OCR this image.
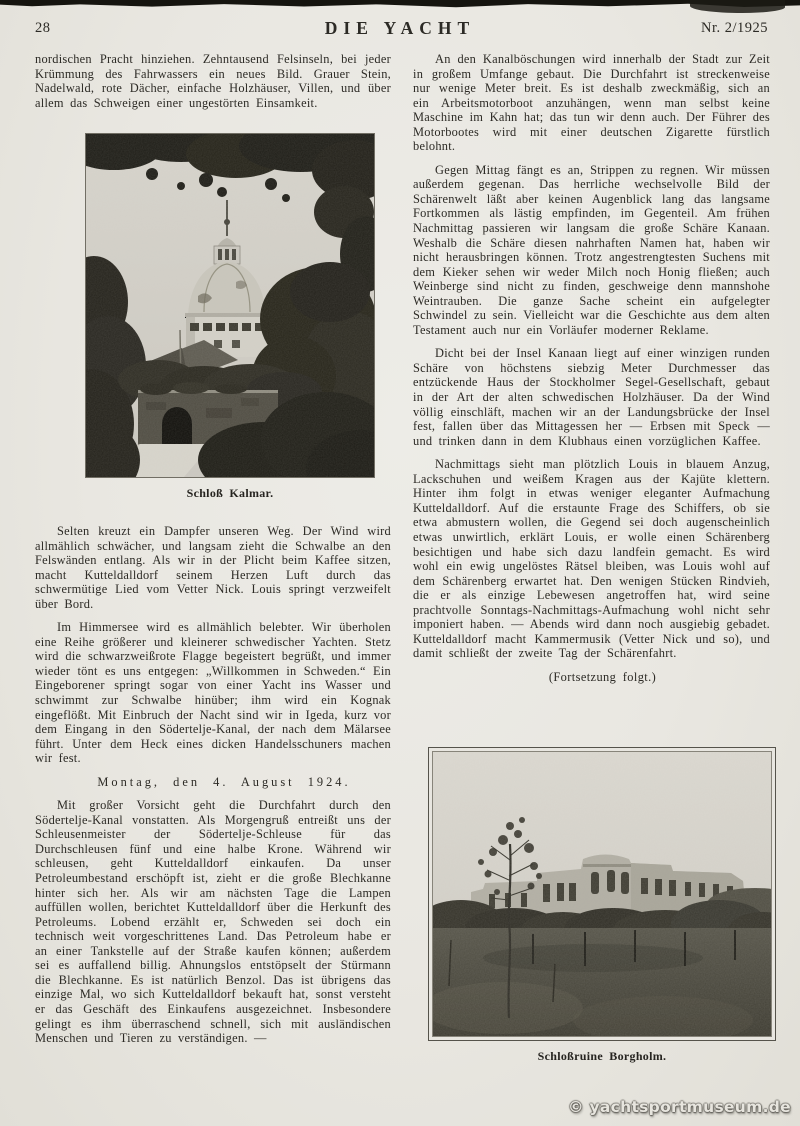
28	DIE YACHT	Nr. 2/1925

nordischen Pracht hinziehen. Zehntausend Felsinseln, bei jeder Krümmung des Fahrwassers ein neues Bild. Grauer Stein, Nadelwald, rote Dächer, einfache Holzhäuser, Villen, und über allem das Schweigen einer ungestörten Einsamkeit.

Schloß Kalmar.

Selten kreuzt ein Dampfer unseren Weg. Der Wind wird allmählich schwächer, und langsam zieht die Schwalbe an den Felswänden entlang. Als wir in der Plicht beim Kaffee sitzen, macht Kutteldalldorf seinem Herzen Luft durch das schwermütige Lied vom Vetter Nick. Louis springt verzweifelt über Bord.

Im Himmersee wird es allmählich belebter. Wir überholen eine Reihe größerer und kleinerer schwedischer Yachten. Stetz wird die schwarzweißrote Flagge begeistert begrüßt, und immer wieder tönt es uns entgegen: „Willkommen in Schweden.“ Ein Eingeborener springt sogar von einer Yacht ins Wasser und schwimmt zur Schwalbe hinüber; ihm wird ein Kognak eingeflößt. Mit Einbruch der Nacht sind wir in Igeda, kurz vor dem Eingang in den Södertelje-Kanal, der nach dem Mälarsee führt. Unter dem Heck eines dicken Handelsschuners machen wir fest.

Montag, den 4. August 1924.

Mit großer Vorsicht geht die Durchfahrt durch den Södertelje-Kanal vonstatten. Als Morgengruß entreißt uns der Schleusenmeister der Södertelje-Schleuse für das Durchschleusen fünf und eine halbe Krone. Während wir schleusen, geht Kutteldalldorf einkaufen. Da unser Petroleumbestand erschöpft ist, zieht er die große Blechkanne hinter sich her. Als wir am nächsten Tage die Lampen auffüllen wollen, berichtet Kutteldalldorf über die Herkunft des Petroleums. Lobend erzählt er, Schweden sei doch ein technisch weit vorgeschrittenes Land. Das Petroleum habe er an einer Tankstelle auf der Straße kaufen können; außerdem sei es auffallend billig. Ahnungslos entstöpselt der Stürmann die Blechkanne. Es ist natürlich Benzol. Das ist übrigens das einzige Mal, wo sich Kutteldalldorf bekauft hat, sonst versteht er das Geschäft des Einkaufens ausgezeichnet. Insbesondere gelingt es ihm überraschend schnell, sich mit ausländischen Menschen und Tieren zu verständigen. —

An den Kanalböschungen wird innerhalb der Stadt zur Zeit in großem Umfange gebaut. Die Durchfahrt ist streckenweise nur wenige Meter breit. Es ist deshalb zweckmäßig, sich an ein Arbeitsmotorboot anzuhängen, wenn man selbst keine Maschine im Kahn hat; das tun wir denn auch. Der Führer des Motorbootes wird mit einer deutschen Zigarette fürstlich belohnt.

Gegen Mittag fängt es an, Strippen zu regnen. Wir müssen außerdem gegenan. Das herrliche wechselvolle Bild der Schärenwelt läßt aber keinen Augenblick lang das langsame Fortkommen als lästig empfinden, im Gegenteil. Am frühen Nachmittag passieren wir langsam die große Schäre Kanaan. Weshalb die Schäre diesen nahrhaften Namen hat, haben wir nicht herausbringen können. Trotz angestrengtesten Suchens mit dem Kieker sehen wir weder Milch noch Honig fließen; auch Weinberge sind nicht zu finden, geschweige denn mannshohe Weintrauben. Die ganze Sache scheint ein aufgelegter Schwindel zu sein. Vielleicht war die Geschichte aus dem alten Testament auch nur ein Vorläufer moderner Reklame.

Dicht bei der Insel Kanaan liegt auf einer winzigen runden Schäre von höchstens siebzig Meter Durchmesser das entzückende Haus der Stockholmer Segel-Gesellschaft, gebaut in der Art der alten schwedischen Holzhäuser. Da der Wind völlig einschläft, machen wir an der Landungsbrücke der Insel fest, fallen über das Mittagessen her — Erbsen mit Speck — und trinken dann in dem Klubhaus einen vorzüglichen Kaffee.

Nachmittags sieht man plötzlich Louis in blauem Anzug, Lackschuhen und weißem Kragen aus der Kajüte klettern. Hinter ihm folgt in etwas weniger eleganter Aufmachung Kutteldalldorf. Auf die erstaunte Frage des Schiffers, ob sie etwa abmustern wollen, die Gegend sei doch augenscheinlich etwas unwirtlich, erklärt Louis, er wolle einen Schärenberg besichtigen und habe sich dazu landfein gemacht. Es wird wohl ein ewig ungelöstes Rätsel bleiben, was Louis wohl auf dem Schärenberg erwartet hat. Den wenigen Stücken Rindvieh, die er als einzige Lebewesen angetroffen hat, wird seine prachtvolle Sonntags-Nachmittags-Aufmachung wohl nicht sehr imponiert haben. — Abends wird dann noch ausgiebig gebadet. Kutteldalldorf macht Kammermusik (Vetter Nick und so), und damit schließt der zweite Tag der Schärenfahrt.

(Fortsetzung folgt.)

Schloßruine Borgholm.
© yachtsportmuseum.de
